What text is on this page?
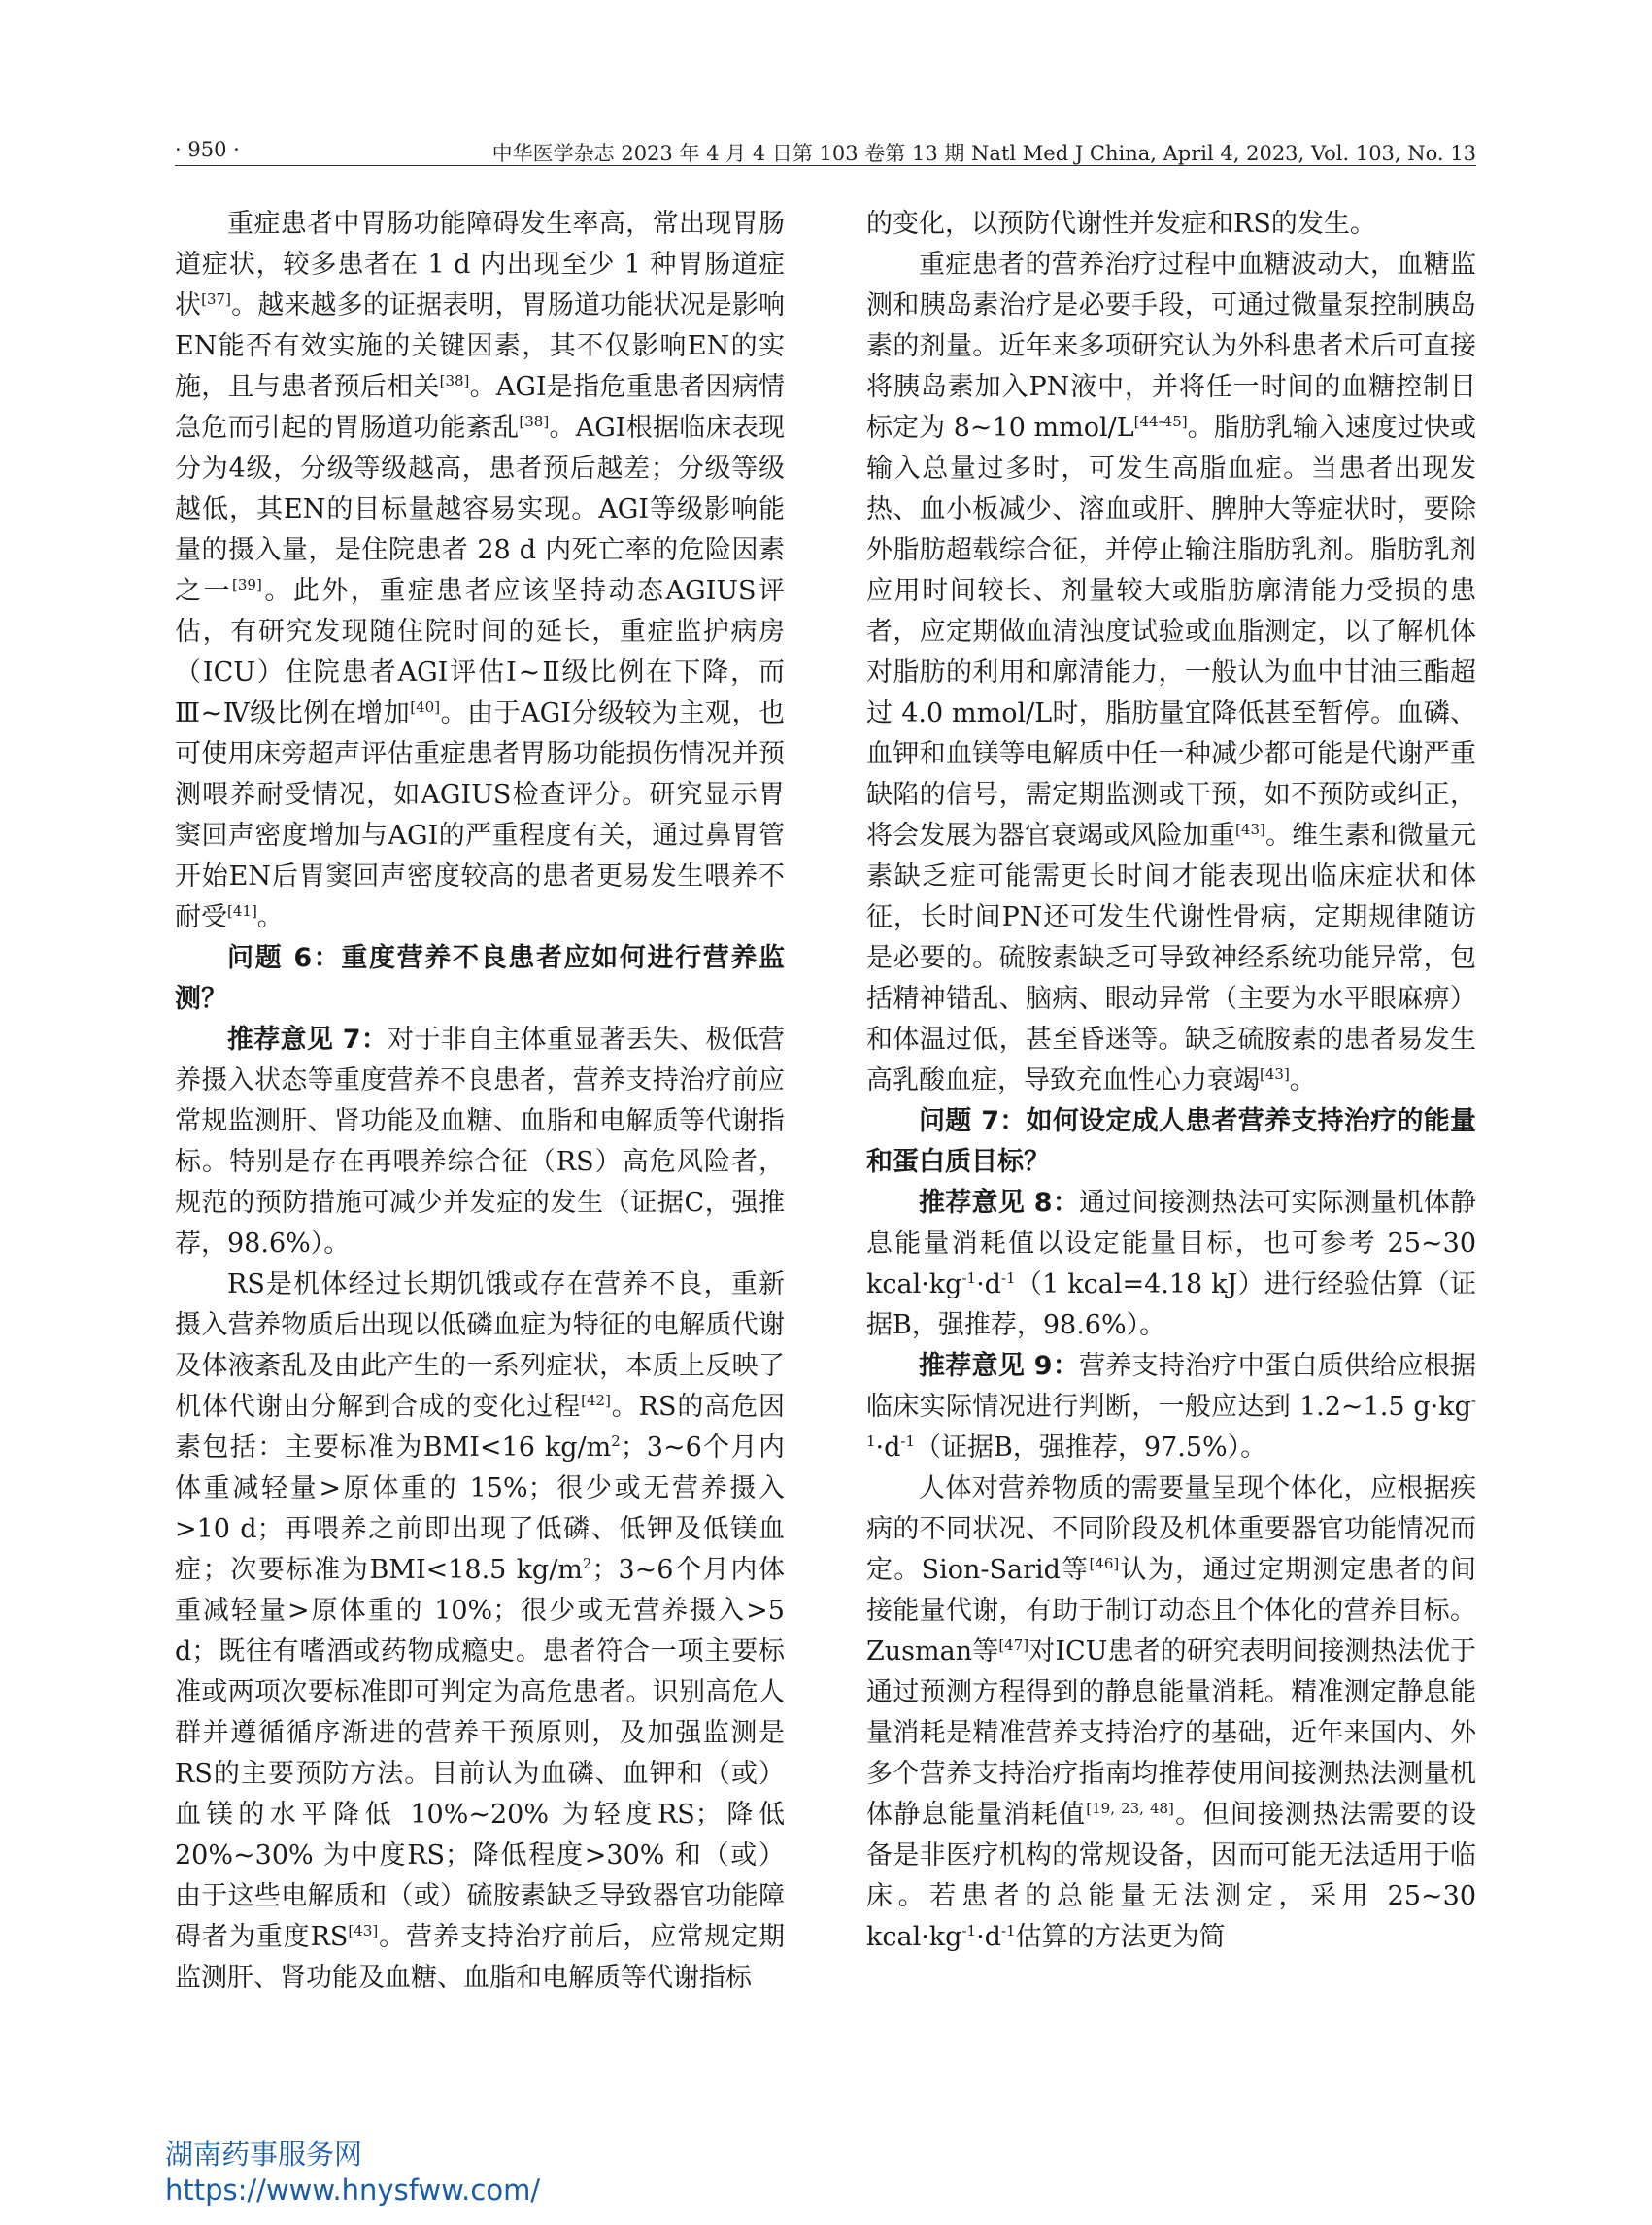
· 950 ·	中华医学杂志 2023 年 4 月 4 日第 103 卷第 13 期 Natl Med J China, April 4, 2023, Vol. 103, No. 13

重症患者中胃肠功能障碍发生率高，常出现胃肠道症状，较多患者在 1 d 内出现至少 1 种胃肠道症状[37]。越来越多的证据表明，胃肠道功能状况是影响EN能否有效实施的关键因素，其不仅影响EN的实施，且与患者预后相关[38]。AGI是指危重患者因病情急危而引起的胃肠道功能紊乱[38]。AGI根据临床表现分为4级，分级等级越高，患者预后越差；分级等级越低，其EN的目标量越容易实现。AGI等级影响能量的摄入量，是住院患者 28 d 内死亡率的危险因素之一[39]。此外，重症患者应该坚持动态AGIUS评估，有研究发现随住院时间的延长，重症监护病房（ICU）住院患者AGI评估Ⅰ~Ⅱ级比例在下降，而Ⅲ~Ⅳ级比例在增加[40]。由于AGI分级较为主观，也可使用床旁超声评估重症患者胃肠功能损伤情况并预测喂养耐受情况，如AGIUS检查评分。研究显示胃窦回声密度增加与AGI的严重程度有关，通过鼻胃管开始EN后胃窦回声密度较高的患者更易发生喂养不耐受[41]。

问题 6：重度营养不良患者应如何进行营养监测？

推荐意见 7：对于非自主体重显著丢失、极低营养摄入状态等重度营养不良患者，营养支持治疗前应常规监测肝、肾功能及血糖、血脂和电解质等代谢指标。特别是存在再喂养综合征（RS）高危风险者，规范的预防措施可减少并发症的发生（证据C，强推荐，98.6%）。

RS是机体经过长期饥饿或存在营养不良，重新摄入营养物质后出现以低磷血症为特征的电解质代谢及体液紊乱及由此产生的一系列症状，本质上反映了机体代谢由分解到合成的变化过程[42]。RS的高危因素包括：主要标准为BMI<16 $kg/m^2$；3~6个月内体重减轻量>原体重的 15%；很少或无营养摄入>10 d；再喂养之前即出现了低磷、低钾及低镁血症；次要标准为BMI<18.5 $kg/m^2$；3~6个月内体重减轻量>原体重的 10%；很少或无营养摄入>5 d；既往有嗜酒或药物成瘾史。患者符合一项主要标准或两项次要标准即可判定为高危患者。识别高危人群并遵循循序渐进的营养干预原则，及加强监测是RS的主要预防方法。目前认为血磷、血钾和（或）血镁的水平降低 10%~20% 为轻度RS；降低 20%~30% 为中度RS；降低程度>30% 和（或）由于这些电解质和（或）硫胺素缺乏导致器官功能障碍者为重度RS[43]。营养支持治疗前后，应常规定期监测肝、肾功能及血糖、血脂和电解质等代谢指标

的变化，以预防代谢性并发症和RS的发生。

重症患者的营养治疗过程中血糖波动大，血糖监测和胰岛素治疗是必要手段，可通过微量泵控制胰岛素的剂量。近年来多项研究认为外科患者术后可直接将胰岛素加入PN液中，并将任一时间的血糖控制目标定为 8~10 mmol/L[44-45]。脂肪乳输入速度过快或输入总量过多时，可发生高脂血症。当患者出现发热、血小板减少、溶血或肝、脾肿大等症状时，要除外脂肪超载综合征，并停止输注脂肪乳剂。脂肪乳剂应用时间较长、剂量较大或脂肪廓清能力受损的患者，应定期做血清浊度试验或血脂测定，以了解机体对脂肪的利用和廓清能力，一般认为血中甘油三酯超过 4.0 mmol/L时，脂肪量宜降低甚至暂停。血磷、血钾和血镁等电解质中任一种减少都可能是代谢严重缺陷的信号，需定期监测或干预，如不预防或纠正，将会发展为器官衰竭或风险加重[43]。维生素和微量元素缺乏症可能需更长时间才能表现出临床症状和体征，长时间PN还可发生代谢性骨病，定期规律随访是必要的。硫胺素缺乏可导致神经系统功能异常，包括精神错乱、脑病、眼动异常（主要为水平眼麻痹）和体温过低，甚至昏迷等。缺乏硫胺素的患者易发生高乳酸血症，导致充血性心力衰竭[43]。

问题 7：如何设定成人患者营养支持治疗的能量和蛋白质目标？

推荐意见 8：通过间接测热法可实际测量机体静息能量消耗值以设定能量目标，也可参考 25~30 $kcal\cdot kg^{-1}\cdot d^{-1}(1$ kcal=4.18 kJ）进行经验估算（证据B，强推荐，98.6%）。

推荐意见 9：营养支持治疗中蛋白质供给应根据临床实际情况进行判断，一般应达到 1.2~1.5 $g\cdot kg^{-1}\cdot d^{-1}$（证据B，强推荐，97.5%）。

人体对营养物质的需要量呈现个体化，应根据疾病的不同状况、不同阶段及机体重要器官功能情况而定。Sion-Sarid等[46]认为，通过定期测定患者的间接能量代谢，有助于制订动态且个体化的营养目标。Zusman等[47]对ICU患者的研究表明间接测热法优于通过预测方程得到的静息能量消耗。精准测定静息能量消耗是精准营养支持治疗的基础，近年来国内、外多个营养支持治疗指南均推荐使用间接测热法测量机体静息能量消耗值[19, 23, 48]。但间接测热法需要的设备是非医疗机构的常规设备，因而可能无法适用于临床。若患者的总能量无法测定，采用 25~30 $kcal\cdot kg^{-1}\cdot d^{-1}$估算的方法更为简

湖南药事服务网
https://www.hnysfww.com/
